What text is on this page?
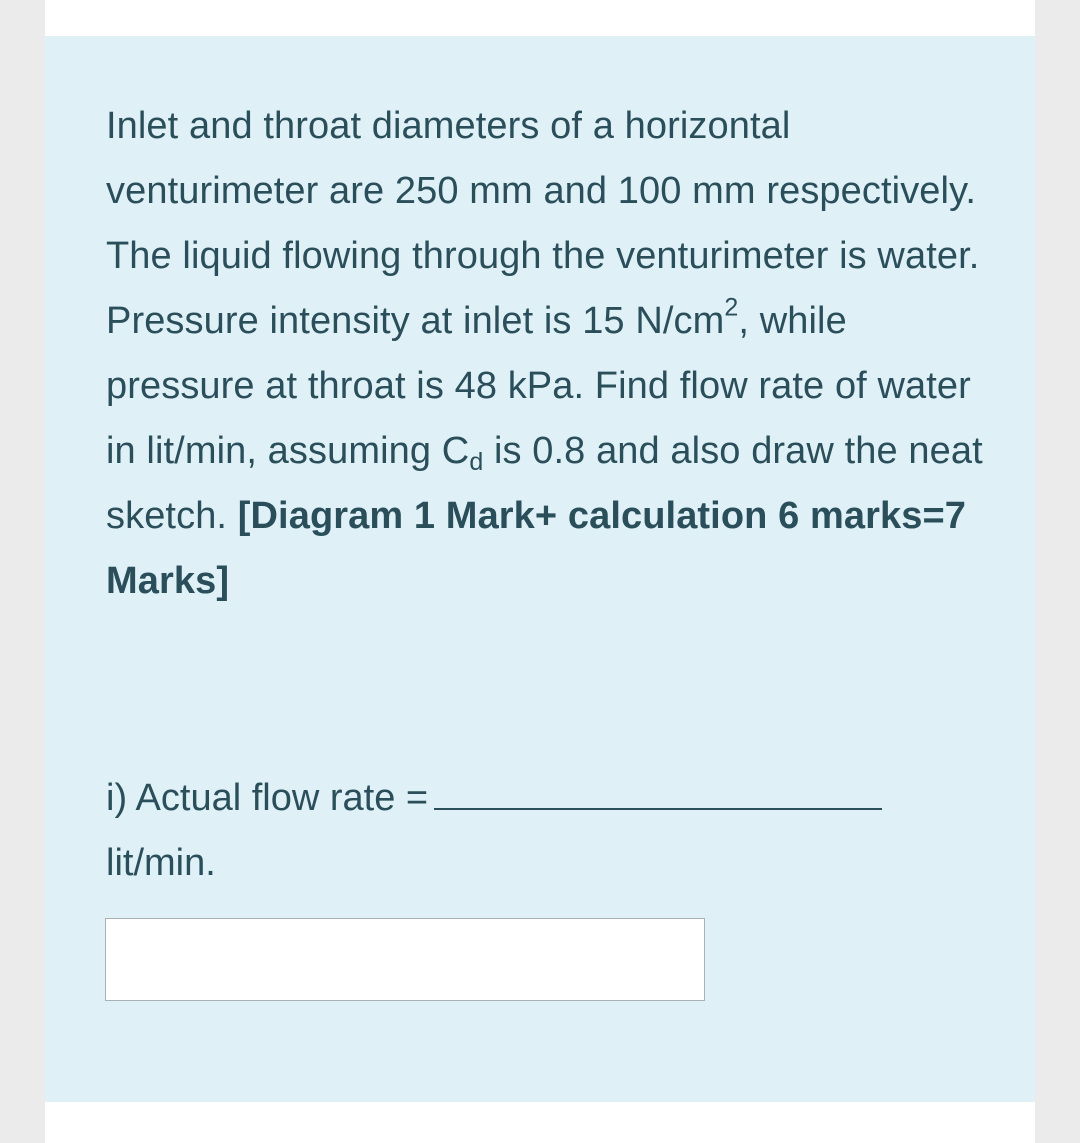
Inlet and throat diameters of a horizontal venturimeter are 250 mm and 100 mm respectively. The liquid flowing through the venturimeter is water. Pressure intensity at inlet is 15 $N/cm^2$, while pressure at throat is 48 kPa. Find flow rate of water in lit/min, assuming $C_d$ is 0.8 and also draw the neat sketch. [Diagram 1 Mark+ calculation 6 marks=7 Marks]

i) Actual flow rate =
lit/min.
